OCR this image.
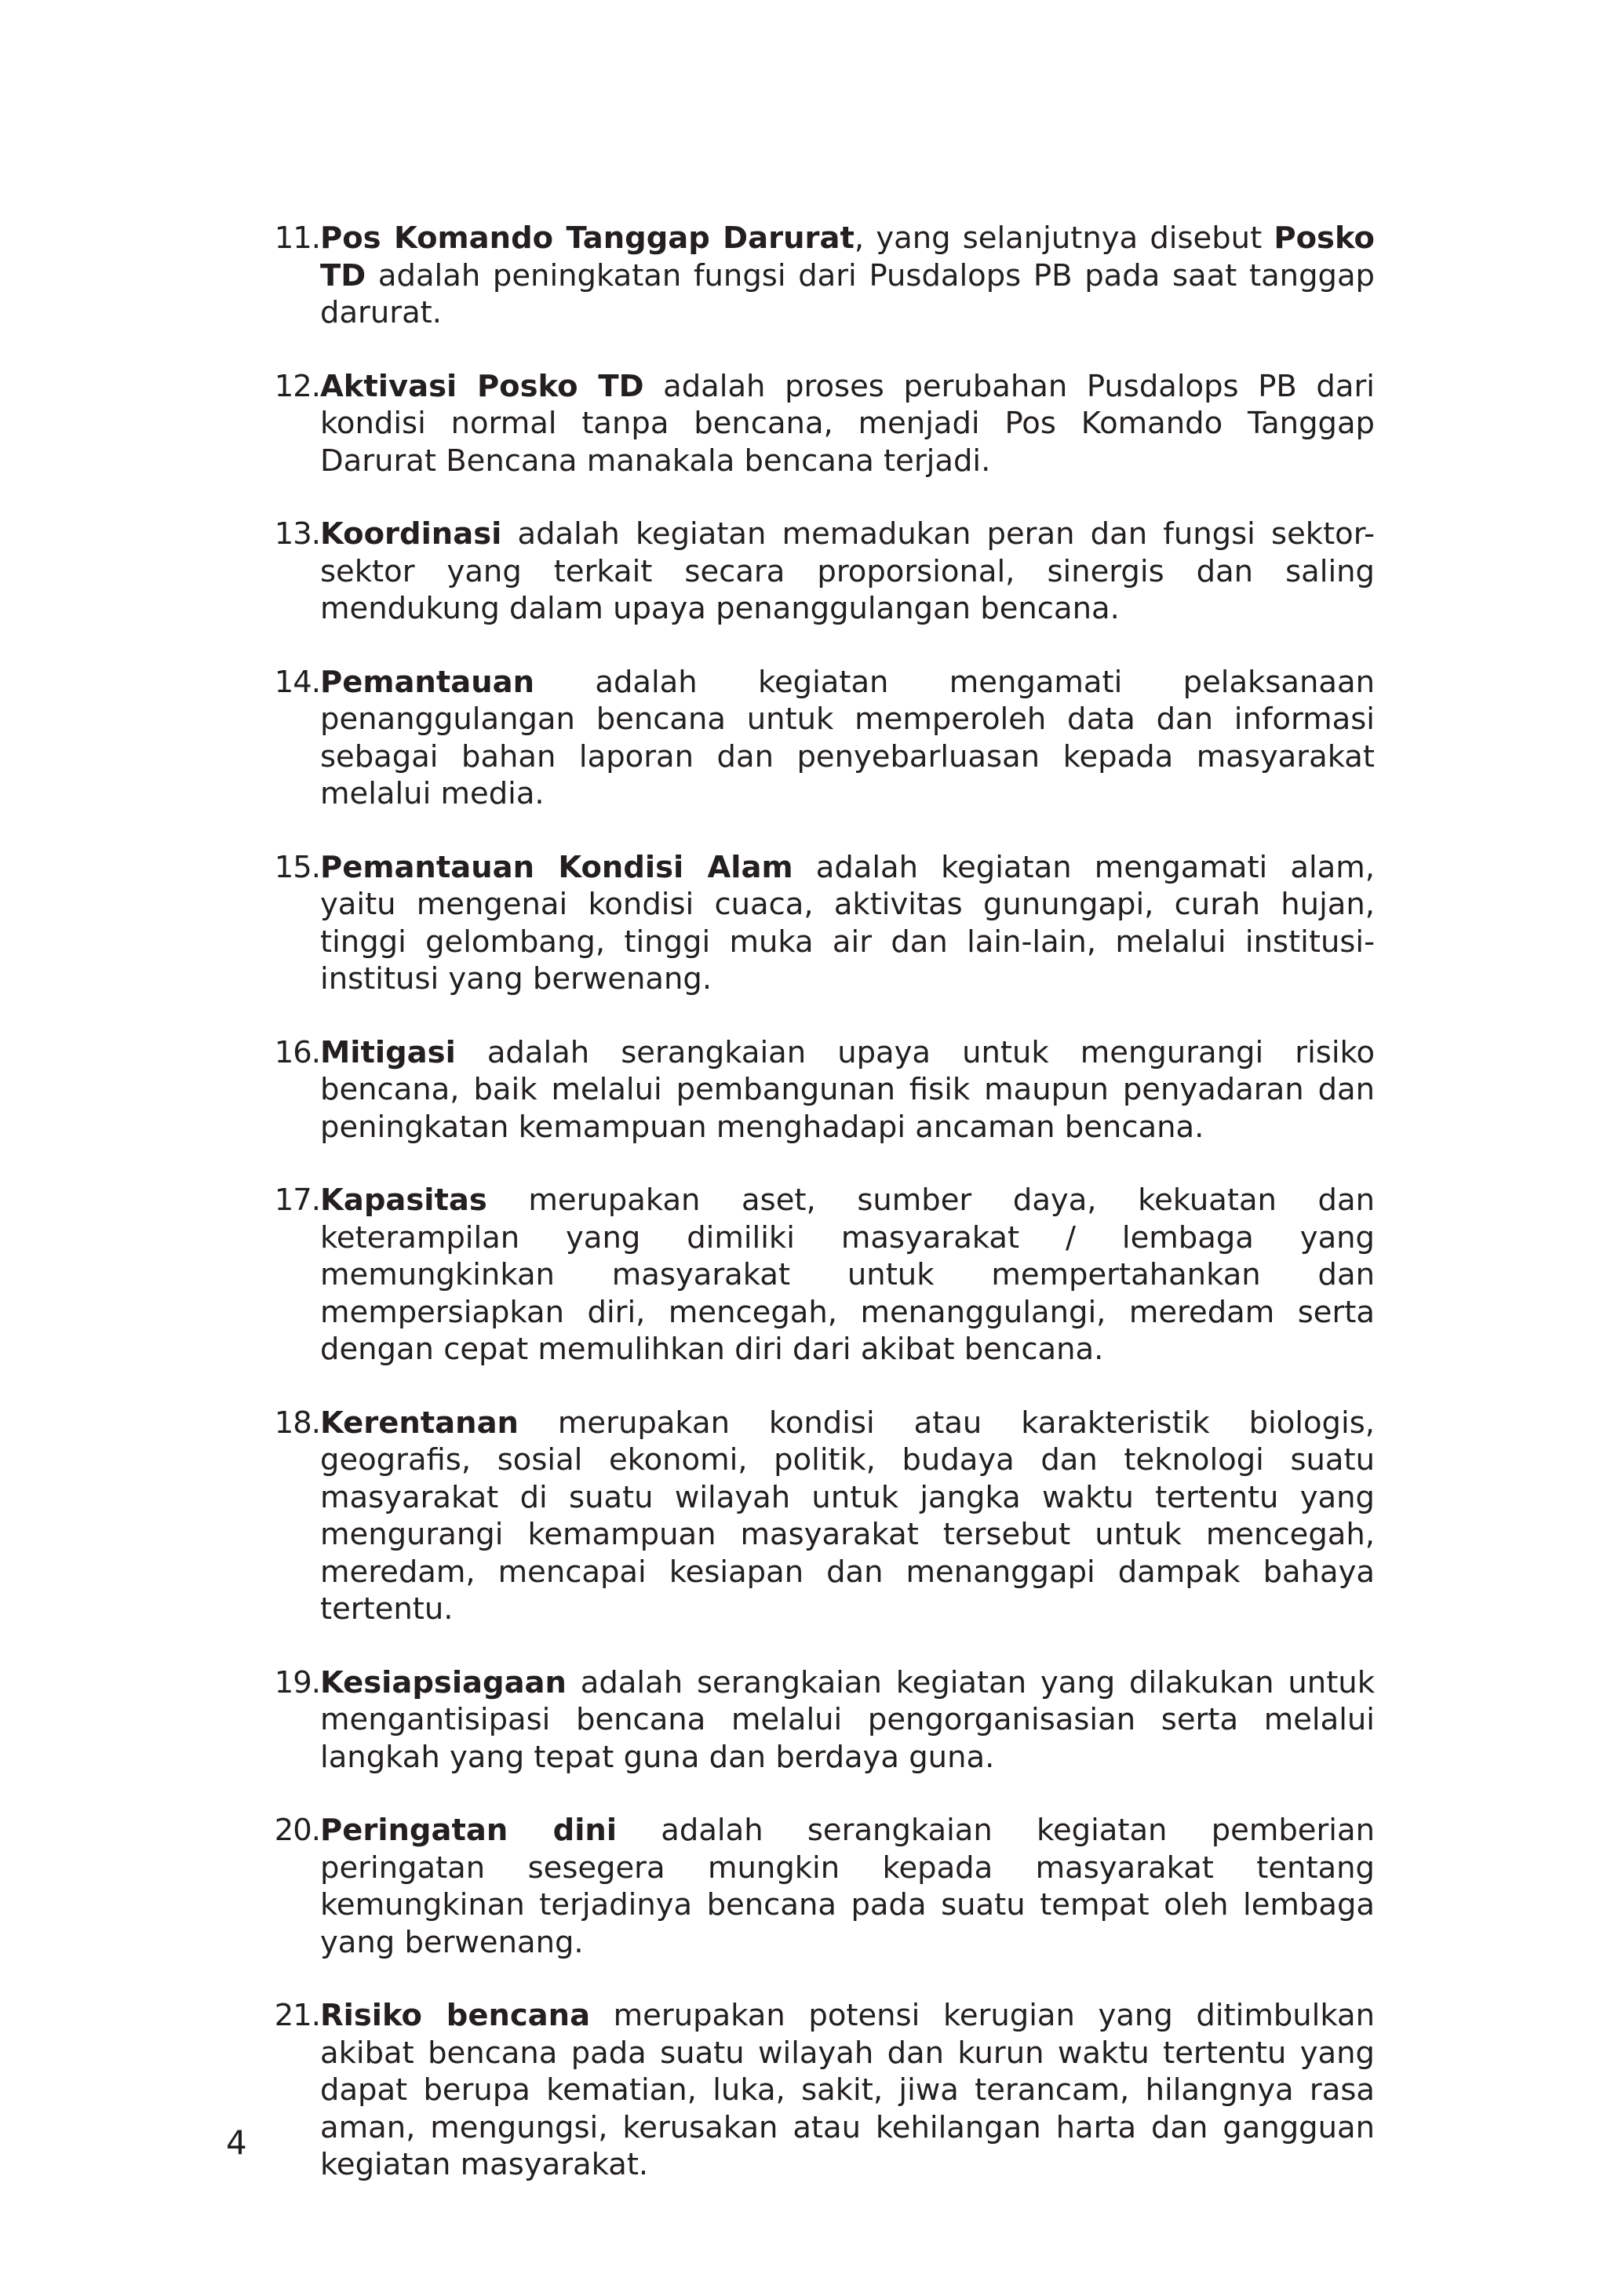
11. Pos Komando Tanggap Darurat, yang selanjutnya disebut Posko TD adalah peningkatan fungsi dari Pusdalops PB pada saat tanggap darurat.

12. Aktivasi Posko TD adalah proses perubahan Pusdalops PB dari kondisi normal tanpa bencana, menjadi Pos Komando Tanggap Darurat Bencana manakala bencana terjadi.

13. Koordinasi adalah kegiatan memadukan peran dan fungsi sektor-sektor yang terkait secara proporsional, sinergis dan saling mendukung dalam upaya penanggulangan bencana.

14. Pemantauan adalah kegiatan mengamati pelaksanaan penanggulangan bencana untuk memperoleh data dan informasi sebagai bahan laporan dan penyebarluasan kepada masyarakat melalui media.

15. Pemantauan Kondisi Alam adalah kegiatan mengamati alam, yaitu mengenai kondisi cuaca, aktivitas gunungapi, curah hujan, tinggi gelombang, tinggi muka air dan lain-lain, melalui institusi-institusi yang berwenang.

16. Mitigasi adalah serangkaian upaya untuk mengurangi risiko bencana, baik melalui pembangunan fisik maupun penyadaran dan peningkatan kemampuan menghadapi ancaman bencana.

17. Kapasitas merupakan aset, sumber daya, kekuatan dan keterampilan yang dimiliki masyarakat / lembaga yang memungkinkan masyarakat untuk mempertahankan dan mempersiapkan diri, mencegah, menanggulangi, meredam serta dengan cepat memulihkan diri dari akibat bencana.

18. Kerentanan merupakan kondisi atau karakteristik biologis, geografis, sosial ekonomi, politik, budaya dan teknologi suatu masyarakat di suatu wilayah untuk jangka waktu tertentu yang mengurangi kemampuan masyarakat tersebut untuk mencegah, meredam, mencapai kesiapan dan menanggapi dampak bahaya tertentu.

19. Kesiapsiagaan adalah serangkaian kegiatan yang dilakukan untuk mengantisipasi bencana melalui pengorganisasian serta melalui langkah yang tepat guna dan berdaya guna.

20. Peringatan dini adalah serangkaian kegiatan pemberian peringatan sesegera mungkin kepada masyarakat tentang kemungkinan terjadinya bencana pada suatu tempat oleh lembaga yang berwenang.

21. Risiko bencana merupakan potensi kerugian yang ditimbulkan akibat bencana pada suatu wilayah dan kurun waktu tertentu yang dapat berupa kematian, luka, sakit, jiwa terancam, hilangnya rasa aman, mengungsi, kerusakan atau kehilangan harta dan gangguan kegiatan masyarakat.

4
